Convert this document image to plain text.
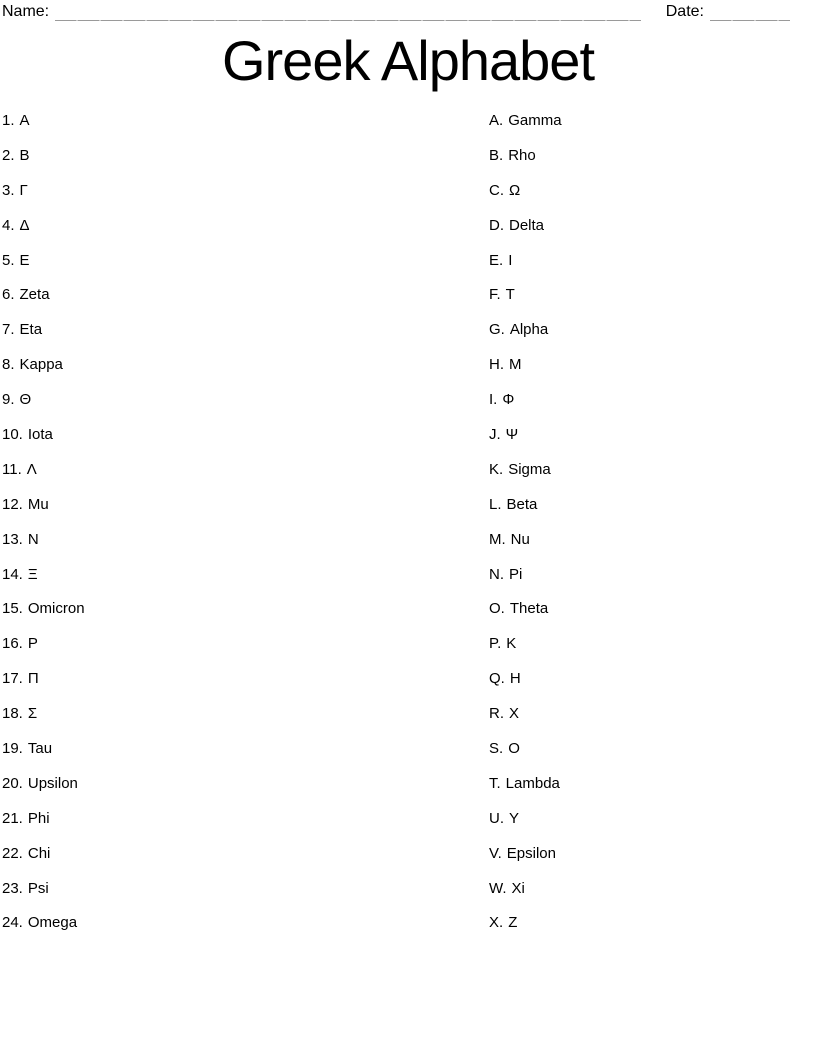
Name:	Date:
Greek Alphabet
1. Α
2. Β
3. Γ
4. Δ
5. Ε
6. Zeta
7. Eta
8. Kappa
9. Θ
10. Iota
11. Λ
12. Mu
13. Ν
14. Ξ
15. Omicron
16. Ρ
17. Π
18. Σ
19. Tau
20. Upsilon
21. Phi
22. Chi
23. Psi
24. Omega
A. Gamma
B. Rho
C. Ω
D. Delta
E. Ι
F. Τ
G. Alpha
H. Μ
I. Φ
J. Ψ
K. Sigma
L. Beta
M. Nu
N. Pi
O. Theta
P. Κ
Q. Η
R. Χ
S. Ο
T. Lambda
U. Υ
V. Epsilon
W. Xi
X. Ζ
